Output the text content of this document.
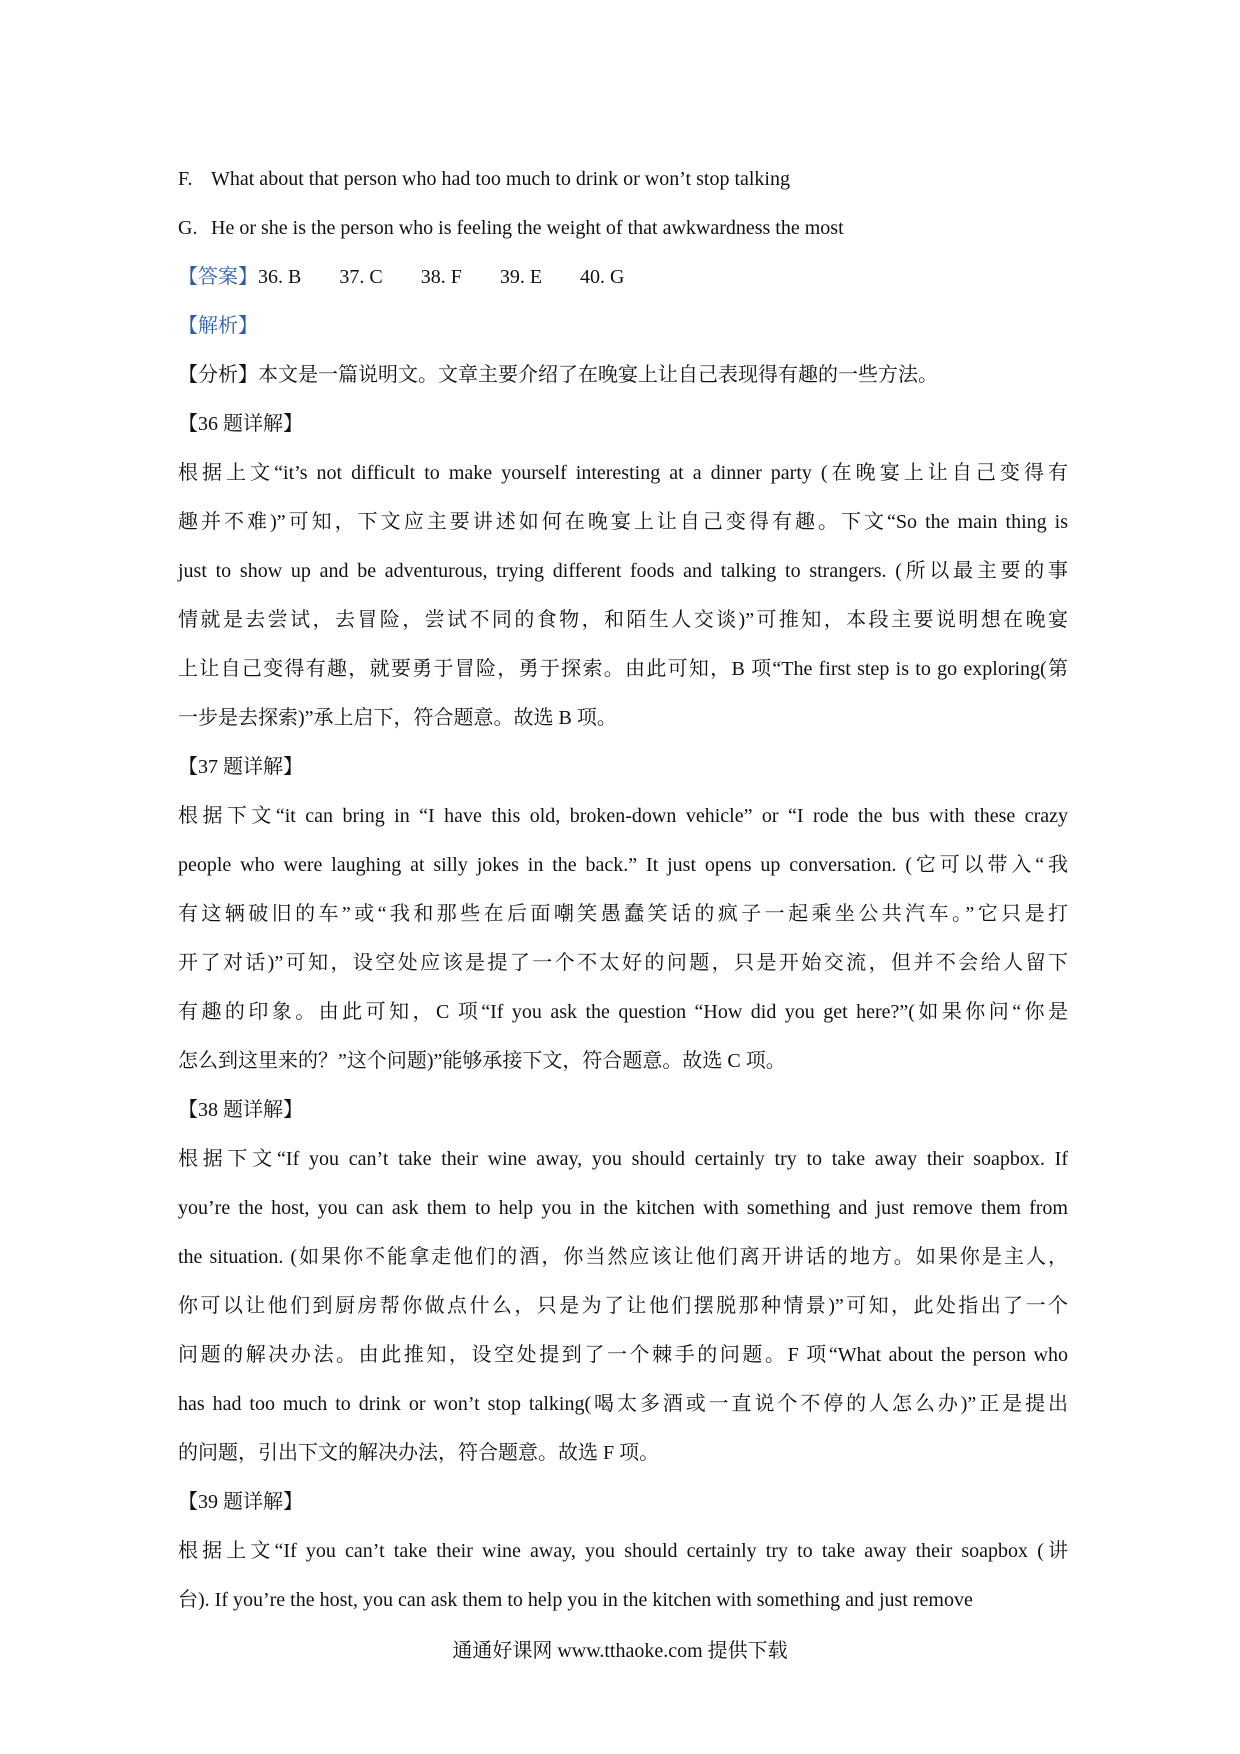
F. What about that person who had too much to drink or won’t stop talking
G. He or she is the person who is feeling the weight of that awkwardness the most
【答案】36. B 37. C 38. F 39. E 40. G
【解析】
【分析】本文是一篇说明文。文章主要介绍了在晚宴上让自己表现得有趣的一些方法。
【36 题详解】
根据上文“it’s not difficult to make yourself interesting at a dinner party (在晚宴上让自己变得有
趣并不难)”可知，下文应主要讲述如何在晚宴上让自己变得有趣。下文“So the main thing is
just to show up and be adventurous, trying different foods and talking to strangers. (所以最主要的事
情就是去尝试，去冒险，尝试不同的食物，和陌生人交谈)”可推知，本段主要说明想在晚宴
上让自己变得有趣，就要勇于冒险，勇于探索。由此可知，B 项“The first step is to go exploring(第
一步是去探索)”承上启下，符合题意。故选 B 项。
【37 题详解】
根据下文“it can bring in “I have this old, broken-down vehicle” or “I rode the bus with these crazy
people who were laughing at silly jokes in the back.” It just opens up conversation. (它可以带入“我
有这辆破旧的车”或“我和那些在后面嘲笑愚蠢笑话的疯子一起乘坐公共汽车。”它只是打
开了对话)”可知，设空处应该是提了一个不太好的问题，只是开始交流，但并不会给人留下
有趣的印象。由此可知，C 项“If you ask the question “How did you get here?”(如果你问“你是
怎么到这里来的？”这个问题)”能够承接下文，符合题意。故选 C 项。
【38 题详解】
根据下文“If you can’t take their wine away, you should certainly try to take away their soapbox. If
you’re the host, you can ask them to help you in the kitchen with something and just remove them from
the situation. (如果你不能拿走他们的酒，你当然应该让他们离开讲话的地方。如果你是主人，
你可以让他们到厨房帮你做点什么，只是为了让他们摆脱那种情景)”可知，此处指出了一个
问题的解决办法。由此推知，设空处提到了一个棘手的问题。F 项“What about the person who
has had too much to drink or won’t stop talking(喝太多酒或一直说个不停的人怎么办)”正是提出
的问题，引出下文的解决办法，符合题意。故选 F 项。
【39 题详解】
根据上文“If you can’t take their wine away, you should certainly try to take away their soapbox (讲
台). If you’re the host, you can ask them to help you in the kitchen with something and just remove
通通好课网 www.tthaoke.com 提供下载
